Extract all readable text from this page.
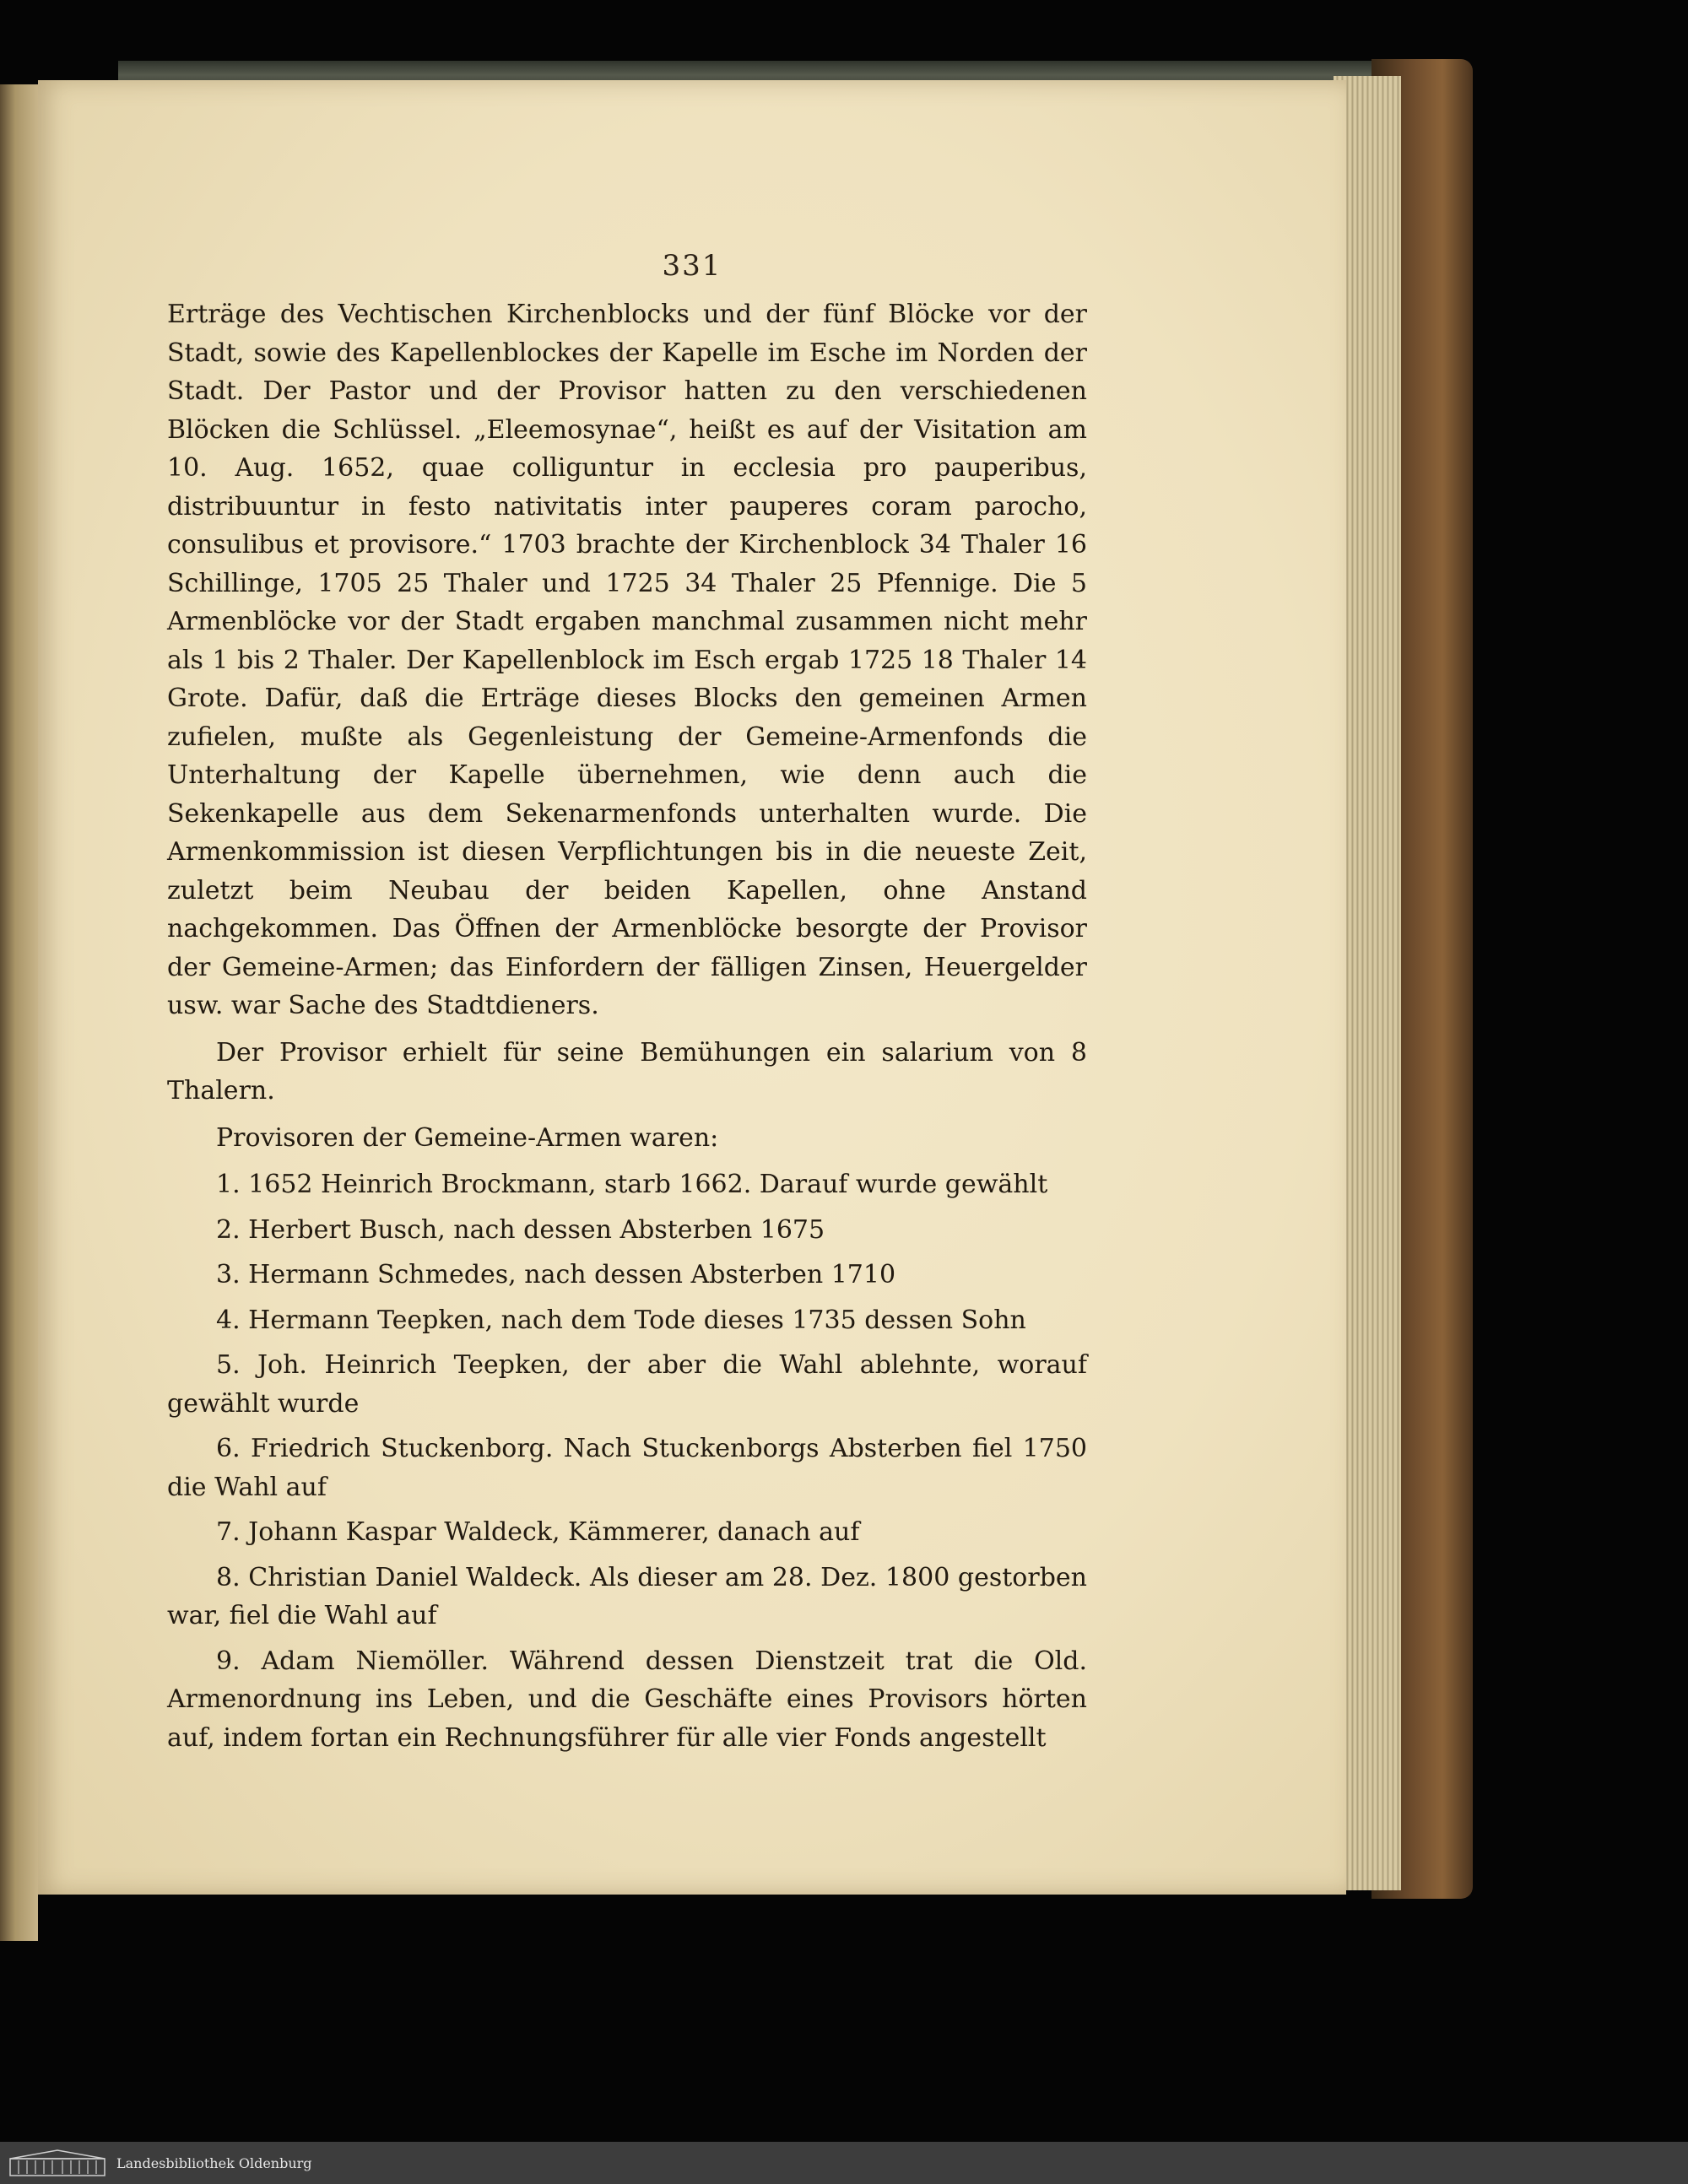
331

Erträge des Vechtischen Kirchenblocks und der fünf Blöcke vor der Stadt, sowie des Kapellenblockes der Kapelle im Esche im Norden der Stadt. Der Pastor und der Provisor hatten zu den verschiedenen Blöcken die Schlüssel. „Eleemosynae“, heißt es auf der Visitation am 10. Aug. 1652, quae colliguntur in ecclesia pro pauperibus, distribuuntur in festo nativitatis inter pauperes coram parocho, consulibus et provisore.“ 1703 brachte der Kirchenblock 34 Thaler 16 Schillinge, 1705 25 Thaler und 1725 34 Thaler 25 Pfennige. Die 5 Armenblöcke vor der Stadt ergaben manchmal zusammen nicht mehr als 1 bis 2 Thaler. Der Kapellenblock im Esch ergab 1725 18 Thaler 14 Grote. Dafür, daß die Erträge dieses Blocks den gemeinen Armen zufielen, mußte als Gegenleistung der Gemeine-Armenfonds die Unterhaltung der Kapelle übernehmen, wie denn auch die Sekenkapelle aus dem Sekenarmenfonds unterhalten wurde. Die Armenkommission ist diesen Verpflichtungen bis in die neueste Zeit, zuletzt beim Neubau der beiden Kapellen, ohne Anstand nachgekommen. Das Öffnen der Armenblöcke besorgte der Provisor der Gemeine-Armen; das Einfordern der fälligen Zinsen, Heuergelder usw. war Sache des Stadtdieners.

Der Provisor erhielt für seine Bemühungen ein salarium von 8 Thalern.

Provisoren der Gemeine-Armen waren:

1. 1652 Heinrich Brockmann, starb 1662. Darauf wurde gewählt
2. Herbert Busch, nach dessen Absterben 1675
3. Hermann Schmedes, nach dessen Absterben 1710
4. Hermann Teepken, nach dem Tode dieses 1735 dessen Sohn
5. Joh. Heinrich Teepken, der aber die Wahl ablehnte, worauf gewählt wurde
6. Friedrich Stuckenborg. Nach Stuckenborgs Absterben fiel 1750 die Wahl auf
7. Johann Kaspar Waldeck, Kämmerer, danach auf
8. Christian Daniel Waldeck. Als dieser am 28. Dez. 1800 gestorben war, fiel die Wahl auf
9. Adam Niemöller. Während dessen Dienstzeit trat die Old. Armenordnung ins Leben, und die Geschäfte eines Provisors hörten auf, indem fortan ein Rechnungsführer für alle vier Fonds angestellt
Landesbibliothek Oldenburg
